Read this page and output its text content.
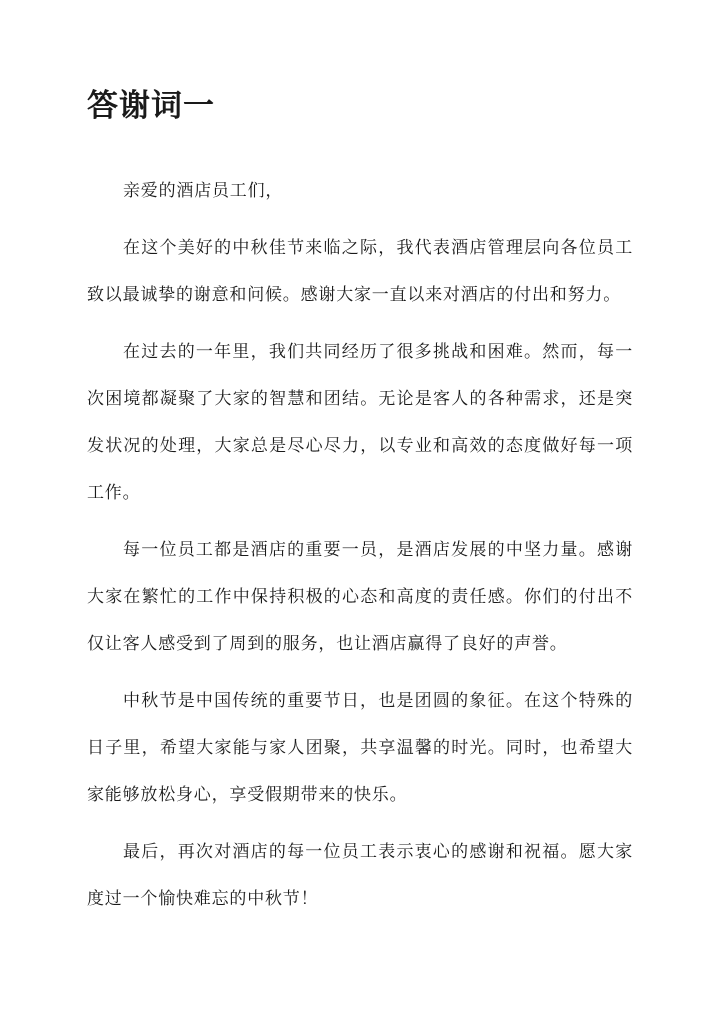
答谢词一

亲爱的酒店员工们，

在这个美好的中秋佳节来临之际，我代表酒店管理层向各位员工致以最诚挚的谢意和问候。感谢大家一直以来对酒店的付出和努力。

在过去的一年里，我们共同经历了很多挑战和困难。然而，每一次困境都凝聚了大家的智慧和团结。无论是客人的各种需求，还是突发状况的处理，大家总是尽心尽力，以专业和高效的态度做好每一项工作。

每一位员工都是酒店的重要一员，是酒店发展的中坚力量。感谢大家在繁忙的工作中保持积极的心态和高度的责任感。你们的付出不仅让客人感受到了周到的服务，也让酒店赢得了良好的声誉。

中秋节是中国传统的重要节日，也是团圆的象征。在这个特殊的日子里，希望大家能与家人团聚，共享温馨的时光。同时，也希望大家能够放松身心，享受假期带来的快乐。

最后，再次对酒店的每一位员工表示衷心的感谢和祝福。愿大家度过一个愉快难忘的中秋节！
